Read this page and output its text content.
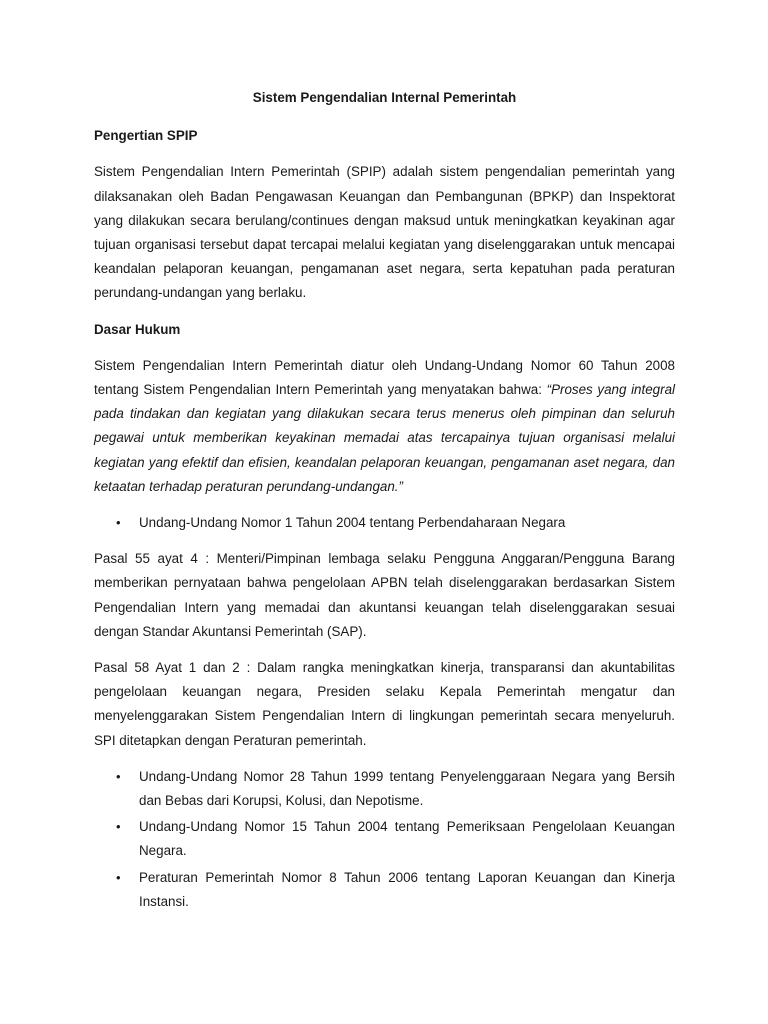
Sistem Pengendalian Internal Pemerintah
Pengertian SPIP

Sistem Pengendalian Intern Pemerintah (SPIP) adalah sistem pengendalian pemerintah yang dilaksanakan oleh Badan Pengawasan Keuangan dan Pembangunan (BPKP) dan Inspektorat yang dilakukan secara berulang/continues dengan maksud untuk meningkatkan keyakinan agar tujuan organisasi tersebut dapat tercapai melalui kegiatan yang diselenggarakan untuk mencapai keandalan pelaporan keuangan, pengamanan aset negara, serta kepatuhan pada peraturan perundang-undangan yang berlaku.

Dasar Hukum

Sistem Pengendalian Intern Pemerintah diatur oleh Undang-Undang Nomor 60 Tahun 2008 tentang Sistem Pengendalian Intern Pemerintah yang menyatakan bahwa: “Proses yang integral pada tindakan dan kegiatan yang dilakukan secara terus menerus oleh pimpinan dan seluruh pegawai untuk memberikan keyakinan memadai atas tercapainya tujuan organisasi melalui kegiatan yang efektif dan efisien, keandalan pelaporan keuangan, pengamanan aset negara, dan ketaatan terhadap peraturan perundang-undangan.”

• Undang-Undang Nomor 1 Tahun 2004 tentang Perbendaharaan Negara

Pasal 55 ayat 4 : Menteri/Pimpinan lembaga selaku Pengguna Anggaran/Pengguna Barang memberikan pernyataan bahwa pengelolaan APBN telah diselenggarakan berdasarkan Sistem Pengendalian Intern yang memadai dan akuntansi keuangan telah diselenggarakan sesuai dengan Standar Akuntansi Pemerintah (SAP).

Pasal 58 Ayat 1 dan 2 : Dalam rangka meningkatkan kinerja, transparansi dan akuntabilitas pengelolaan keuangan negara, Presiden selaku Kepala Pemerintah mengatur dan menyelenggarakan Sistem Pengendalian Intern di lingkungan pemerintah secara menyeluruh. SPI ditetapkan dengan Peraturan pemerintah.

• Undang-Undang Nomor 28 Tahun 1999 tentang Penyelenggaraan Negara yang Bersih dan Bebas dari Korupsi, Kolusi, dan Nepotisme.
• Undang-Undang Nomor 15 Tahun 2004 tentang Pemeriksaan Pengelolaan Keuangan Negara.
• Peraturan Pemerintah Nomor 8 Tahun 2006 tentang Laporan Keuangan dan Kinerja Instansi.
